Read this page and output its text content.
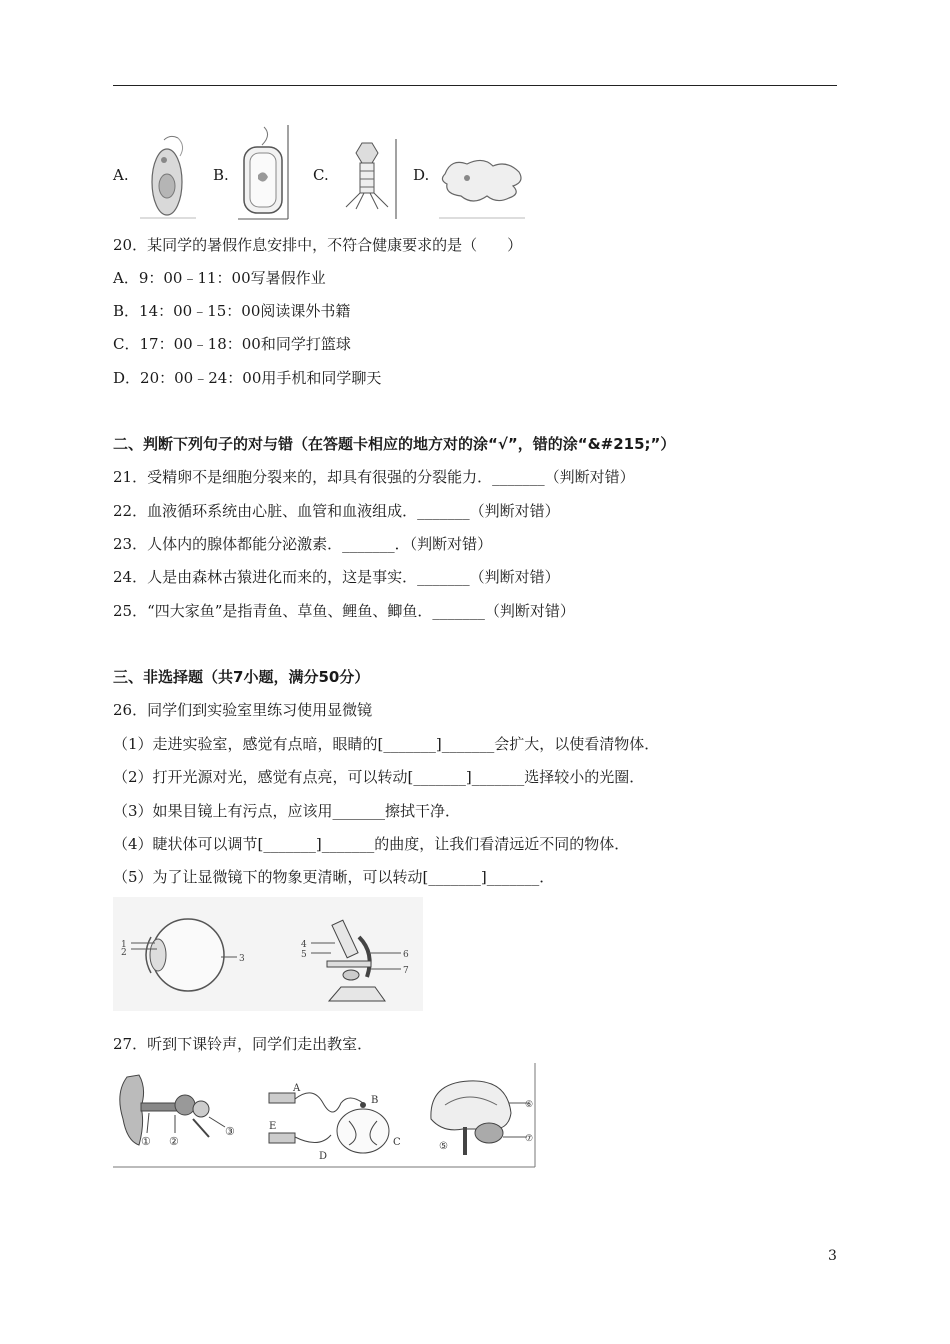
A.	B.	C.	D.
20．某同学的暑假作息安排中，不符合健康要求的是（　　）
A．9：00﹣11：00写暑假作业
B．14：00﹣15：00阅读课外书籍
C．17：00﹣18：00和同学打篮球
D．20：00﹣24：00用手机和同学聊天
二、判断下列句子的对与错（在答题卡相应的地方对的涂“√”，错的涂“&#215;”）
21．受精卵不是细胞分裂来的，却具有很强的分裂能力．_______（判断对错）
22．血液循环系统由心脏、血管和血液组成．_______（判断对错）
23．人体内的腺体都能分泌激素．_______．（判断对错）
24．人是由森林古猿进化而来的，这是事实．_______（判断对错）
25．“四大家鱼”是指青鱼、草鱼、鲤鱼、鲫鱼．_______（判断对错）
三、非选择题（共7小题，满分50分）
26．同学们到实验室里练习使用显微镜
（1）走进实验室，感觉有点暗，眼睛的[_______]_______会扩大，以使看清物体．
（2）打开光源对光，感觉有点亮，可以转动[_______]_______选择较小的光圈．
（3）如果目镜上有污点，应该用_______擦拭干净．
（4）睫状体可以调节[_______]_______的曲度，让我们看清远近不同的物体．
（5）为了让显微镜下的物象更清晰，可以转动[_______]_______．
1
2
3
4
5	6
7
27．听到下课铃声，同学们走出教室．
① ②
③
A
B
C
D
E
⑤
⑥
⑦
3
